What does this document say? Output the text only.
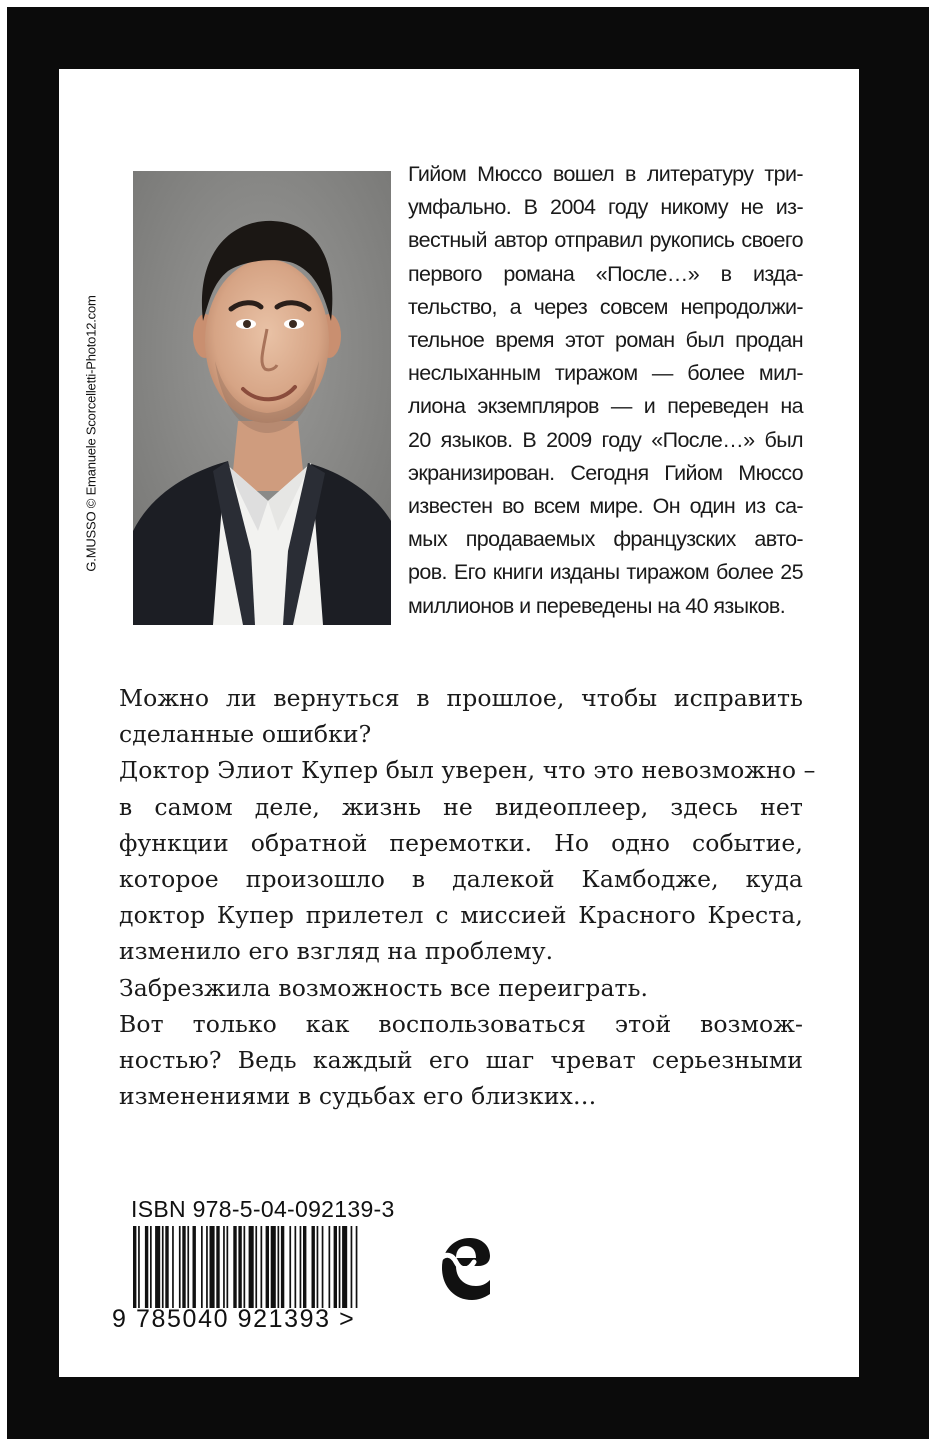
G.MUSSO © Emanuele Scorcelletti-Photo12.com
Гийом Мюссо вошел в литературу три-
умфально. В 2004 году никому не из-
вестный автор отправил рукопись своего
первого романа «После…» в изда-
тельство, а через совсем непродолжи-
тельное время этот роман был продан
неслыханным тиражом — более мил-
лиона экземпляров — и переведен на
20 языков. В 2009 году «После…» был
экранизирован. Сегодня Гийом Мюссо
известен во всем мире. Он один из са-
мых продаваемых французских авто-
ров. Его книги изданы тиражом более 25
миллионов и переведены на 40 языков.
Можно ли вернуться в прошлое, чтобы исправить
сделанные ошибки?
Доктор Элиот Купер был уверен, что это невозможно –
в самом деле, жизнь не видеоплеер, здесь нет
функции обратной перемотки. Но одно событие,
которое произошло в далекой Камбодже, куда
доктор Купер прилетел с миссией Красного Креста,
изменило его взгляд на проблему.
Забрезжила возможность все переиграть.
Вот только как воспользоваться этой возмож-
ностью? Ведь каждый его шаг чреват серьезными
изменениями в судьбах его близких…
ISBN 978-5-04-092139-3
9 785040 921393 >
